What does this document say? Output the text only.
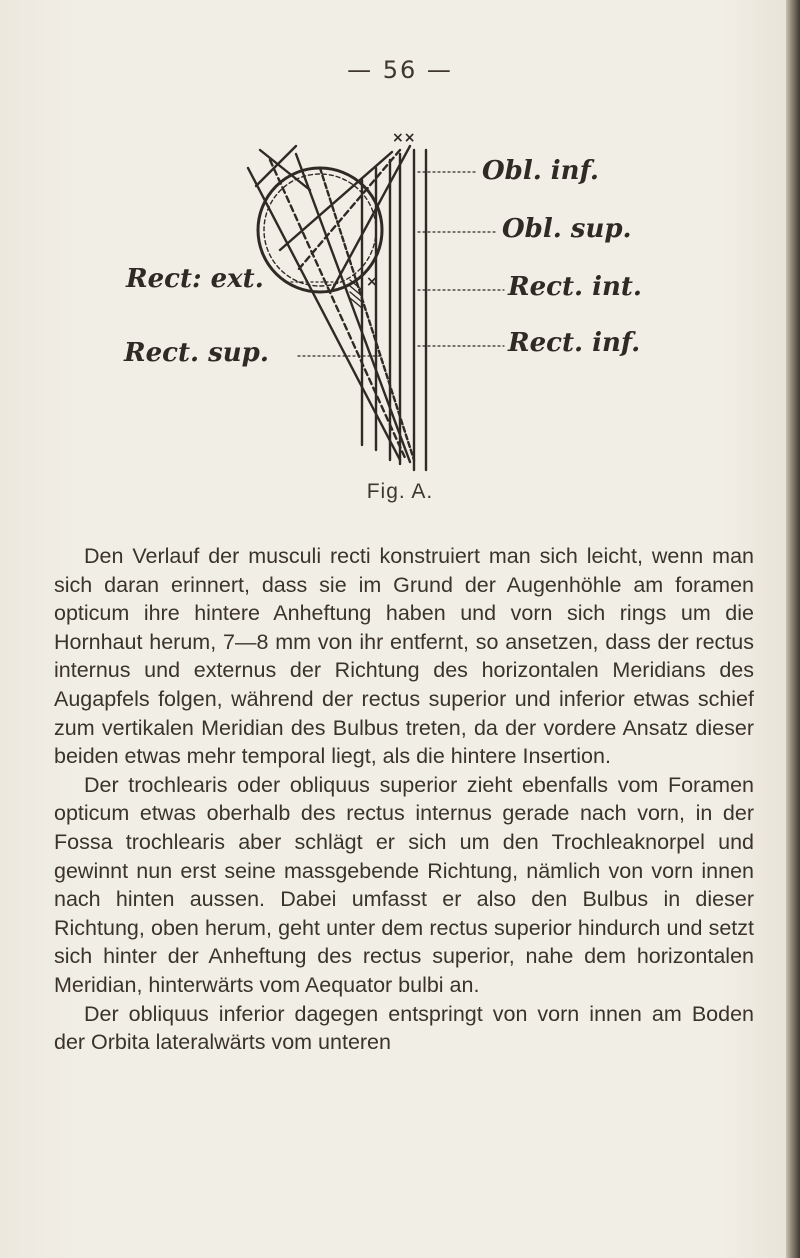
— 56 —
××
×
Obl. inf.
Obl. sup.
Rect. int.
Rect. inf.
Rect: ext.
Rect. sup.
Fig. A.

Den Verlauf der musculi recti konstruiert man sich leicht, wenn man sich daran erinnert, dass sie im Grund der Augenhöhle am foramen opticum ihre hintere Anheftung haben und vorn sich rings um die Hornhaut herum, 7—8 mm von ihr entfernt, so ansetzen, dass der rectus internus und externus der Richtung des horizontalen Meridians des Augapfels folgen, während der rectus superior und inferior etwas schief zum vertikalen Meridian des Bulbus treten, da der vordere Ansatz dieser beiden etwas mehr temporal liegt, als die hintere Insertion.

Der trochlearis oder obliquus superior zieht ebenfalls vom Foramen opticum etwas oberhalb des rectus internus gerade nach vorn, in der Fossa trochlearis aber schlägt er sich um den Trochleaknorpel und gewinnt nun erst seine massgebende Richtung, nämlich von vorn innen nach hinten aussen. Dabei umfasst er also den Bulbus in dieser Richtung, oben herum, geht unter dem rectus superior hindurch und setzt sich hinter der Anheftung des rectus superior, nahe dem horizontalen Meridian, hinterwärts vom Aequator bulbi an.

Der obliquus inferior dagegen entspringt von vorn innen am Boden der Orbita lateralwärts vom unteren
